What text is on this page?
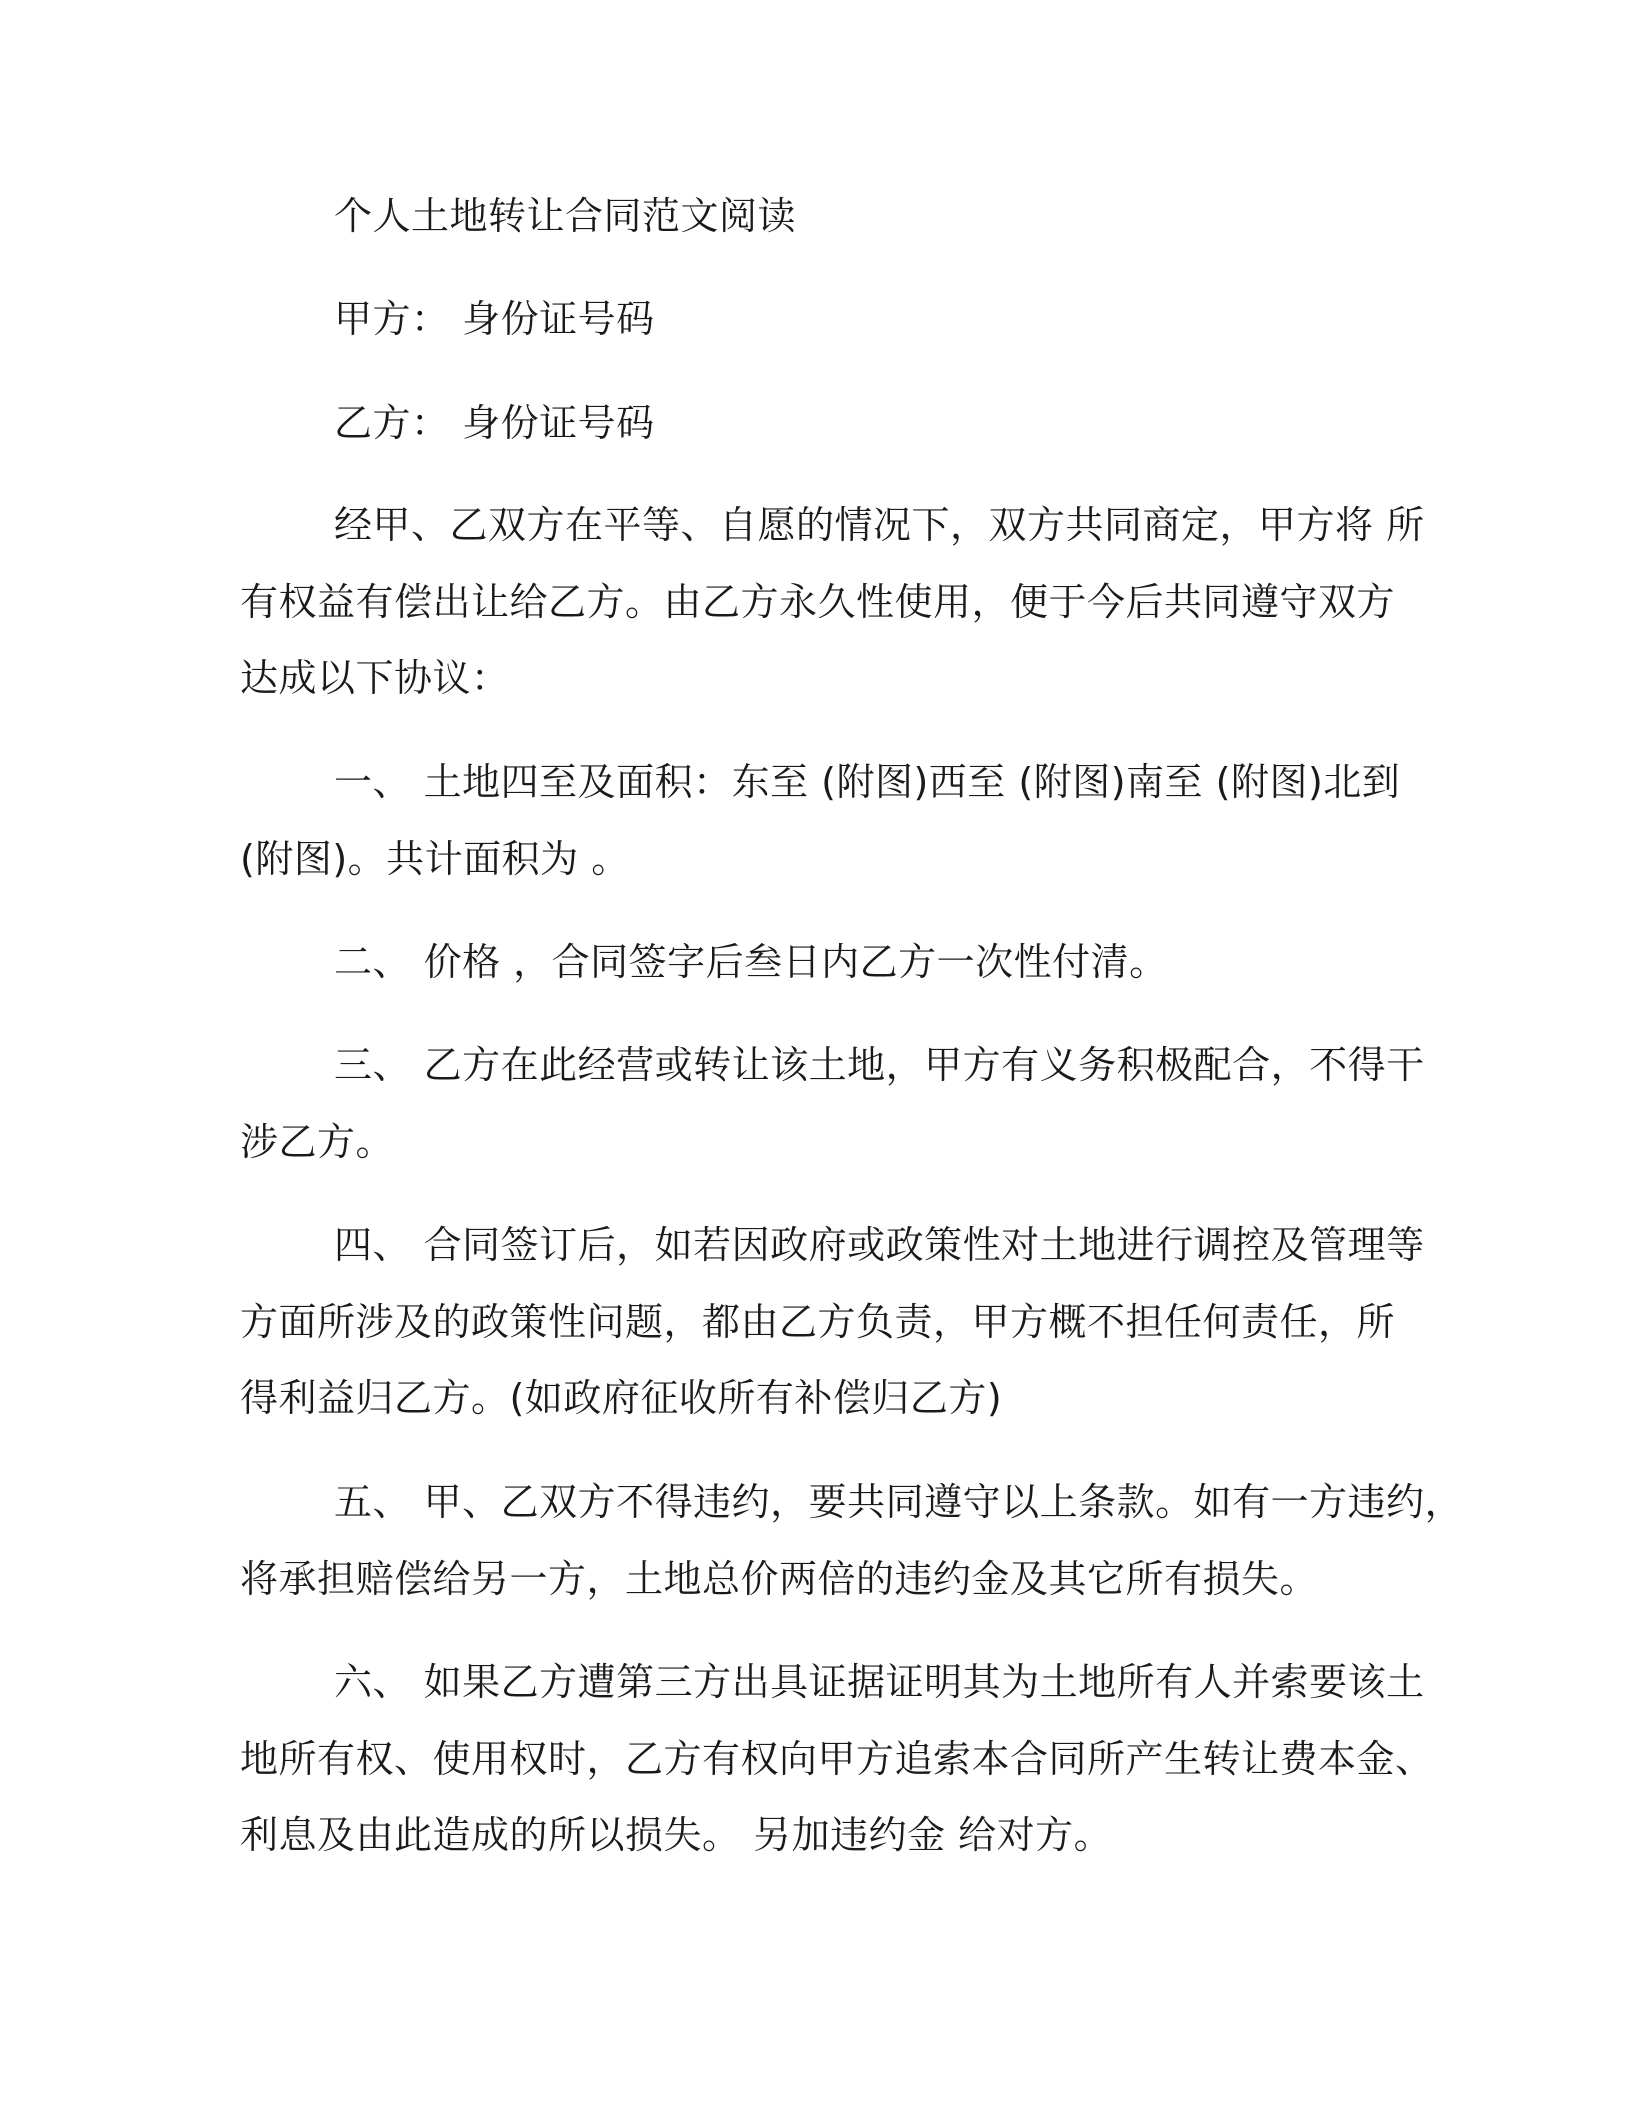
个人土地转让合同范文阅读
甲方： 身份证号码
乙方： 身份证号码
经甲、乙双方在平等、自愿的情况下，双方共同商定，甲方将 所
有权益有偿出让给乙方。由乙方永久性使用，便于今后共同遵守双方
达成以下协议：
一、 土地四至及面积：东至 (附图)西至 (附图)南至 (附图)北到
(附图)。共计面积为 。
二、 价格 ，合同签字后叁日内乙方一次性付清。
三、 乙方在此经营或转让该土地，甲方有义务积极配合，不得干
涉乙方。
四、 合同签订后，如若因政府或政策性对土地进行调控及管理等
方面所涉及的政策性问题，都由乙方负责，甲方概不担任何责任，所
得利益归乙方。(如政府征收所有补偿归乙方)
五、 甲、乙双方不得违约，要共同遵守以上条款。如有一方违约，
将承担赔偿给另一方，土地总价两倍的违约金及其它所有损失。
六、 如果乙方遭第三方出具证据证明其为土地所有人并索要该土
地所有权、使用权时，乙方有权向甲方追索本合同所产生转让费本金、
利息及由此造成的所以损失。 另加违约金 给对方。
